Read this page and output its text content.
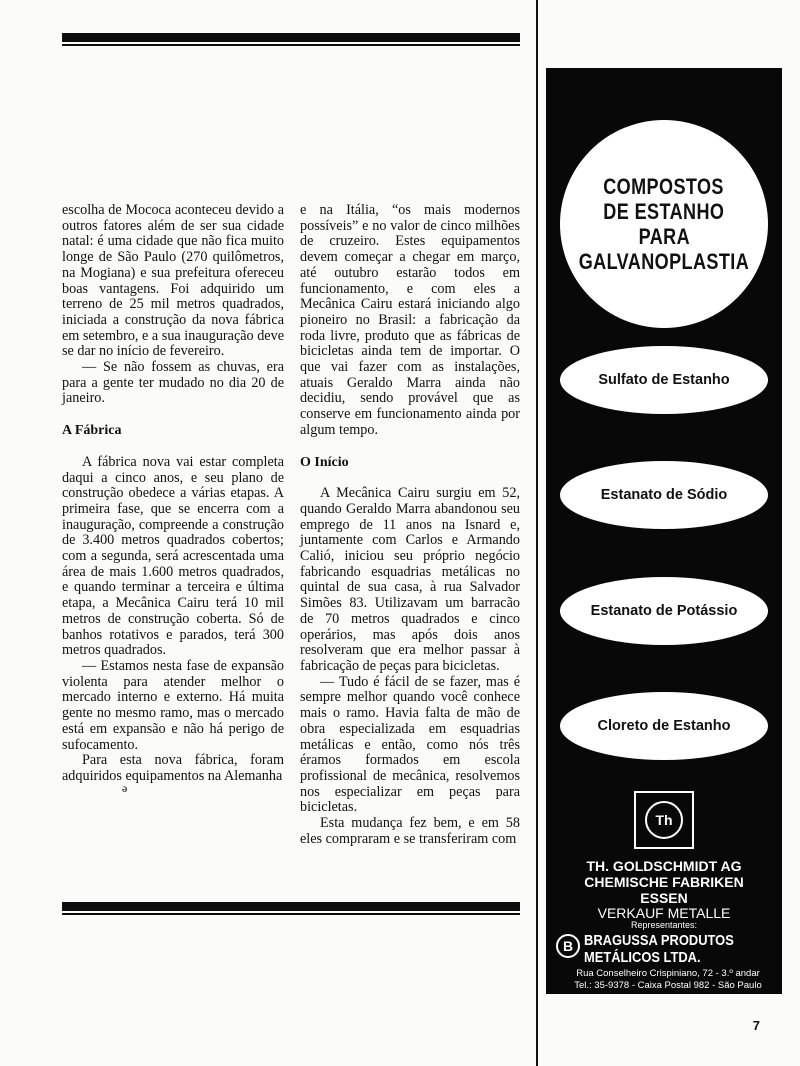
escolha de Mococa aconteceu devido a outros fatores além de ser sua cidade natal: é uma cidade que não fica muito longe de São Paulo (270 quilômetros, na Mogiana) e sua prefeitura ofereceu boas vantagens. Foi adquirido um terreno de 25 mil metros quadrados, iniciada a construção da nova fábrica em setembro, e a sua inauguração deve se dar no início de fevereiro.

— Se não fossem as chuvas, era para a gente ter mudado no dia 20 de janeiro.

A Fábrica

A fábrica nova vai estar completa daqui a cinco anos, e seu plano de construção obedece a várias etapas. A primeira fase, que se encerra com a inauguração, compreende a construção de 3.400 metros quadrados cobertos; com a segunda, será acrescentada uma área de mais 1.600 metros quadrados, e quando terminar a terceira e última etapa, a Mecânica Cairu terá 10 mil metros de construção coberta. Só de banhos rotativos e parados, terá 300 metros quadrados.

— Estamos nesta fase de expansão violenta para atender melhor o mercado interno e externo. Há muita gente no mesmo ramo, mas o mercado está em expansão e não há perigo de sufocamento.

Para esta nova fábrica, foram adquiridos equipamentos na Alemanha

ə

e na Itália, “os mais modernos possíveis” e no valor de cinco milhões de cruzeiro. Estes equipamentos devem começar a chegar em março, até outubro estarão todos em funcionamento, e com eles a Mecânica Cairu estará iniciando algo pioneiro no Brasil: a fabricação da roda livre, produto que as fábricas de bicicletas ainda tem de importar. O que vai fazer com as instalações, atuais Geraldo Marra ainda não decidiu, sendo provável que as conserve em funcionamento ainda por algum tempo.

O Início

A Mecânica Cairu surgiu em 52, quando Geraldo Marra abandonou seu emprego de 11 anos na Isnard e, juntamente com Carlos e Armando Calió, iniciou seu próprio negócio fabricando esquadrias metálicas no quintal de sua casa, à rua Salvador Simões 83. Utilizavam um barracão de 70 metros quadrados e cinco operários, mas após dois anos resolveram que era melhor passar à fabricação de peças para bicicletas.

— Tudo é fácil de se fazer, mas é sempre melhor quando você conhece mais o ramo. Havia falta de mão de obra especializada em esquadrias metálicas e então, como nós três éramos formados em escola profissional de mecânica, resolvemos nos especializar em peças para bicicletas.

Esta mudança fez bem, e em 58 eles compraram e se transferiram com

COMPOSTOS
DE ESTANHO
PARA
GALVANOPLASTIA
Sulfato de Estanho
Estanato de Sódio
Estanato de Potássio
Cloreto de Estanho
Th
TH. GOLDSCHMIDT AG
CHEMISCHE FABRIKEN
ESSEN
VERKAUF METALLE
Representantes:
B BRAGUSSA PRODUTOS
METÁLICOS LTDA.
Rua Conselheiro Crispiniano, 72 - 3.º andar
Tel.: 35-9378 - Caixa Postal 982 - São Paulo
7
